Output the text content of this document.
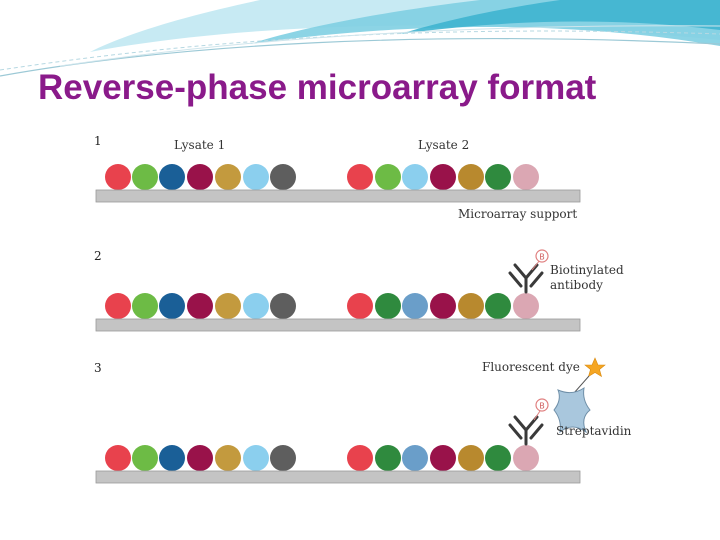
Reverse-phase microarray format
1	Lysate 1	Lysate 2
Microarray support
2	B
Biotinylated
antibody
3	Fluorescent dye
B
Streptavidin
